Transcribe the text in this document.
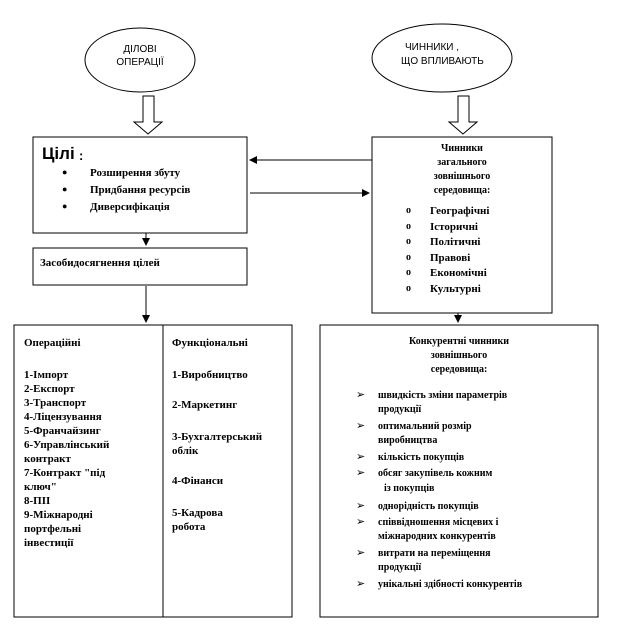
ДІЛОВІ
ОПЕРАЦІЇ
ЧИННИКИ ,
ЩО ВПЛИВАЮТЬ
Цілі :
● Розширення збуту
● Придбання ресурсів
● Диверсифікація
Засобидосягнення цілей
Чинники
загального
зовнішнього
середовища:
o Географічні
o Історичні
o Політичні
o Правові
o Економічні
o Культурні
Операційні	Функціональні
1-Імпорт
2-Експорт
3-Транспорт
4-Ліцензування
5-Франчайзинг
6-Управлінський
контракт
7-Контракт "під
ключ"
8-ПІІ
9-Міжнародні
портфельні
інвестиції
1-Виробництво
2-Маркетинг
3-Бухгалтерський
облік
4-Фінанси
5-Кадрова
робота
Конкурентні чинники
зовнішнього
середовища:
➢ швидкість зміни параметрів
продукції
➢ оптимальний розмір
виробництва
➢ кількість покупців
➢ обсяг закупівель кожним
із покупців
➢ однорідність покупців
➢ співвідношення місцевих і
міжнародних конкурентів
➢ витрати на переміщення
продукції
➢ унікальні здібності конкурентів
